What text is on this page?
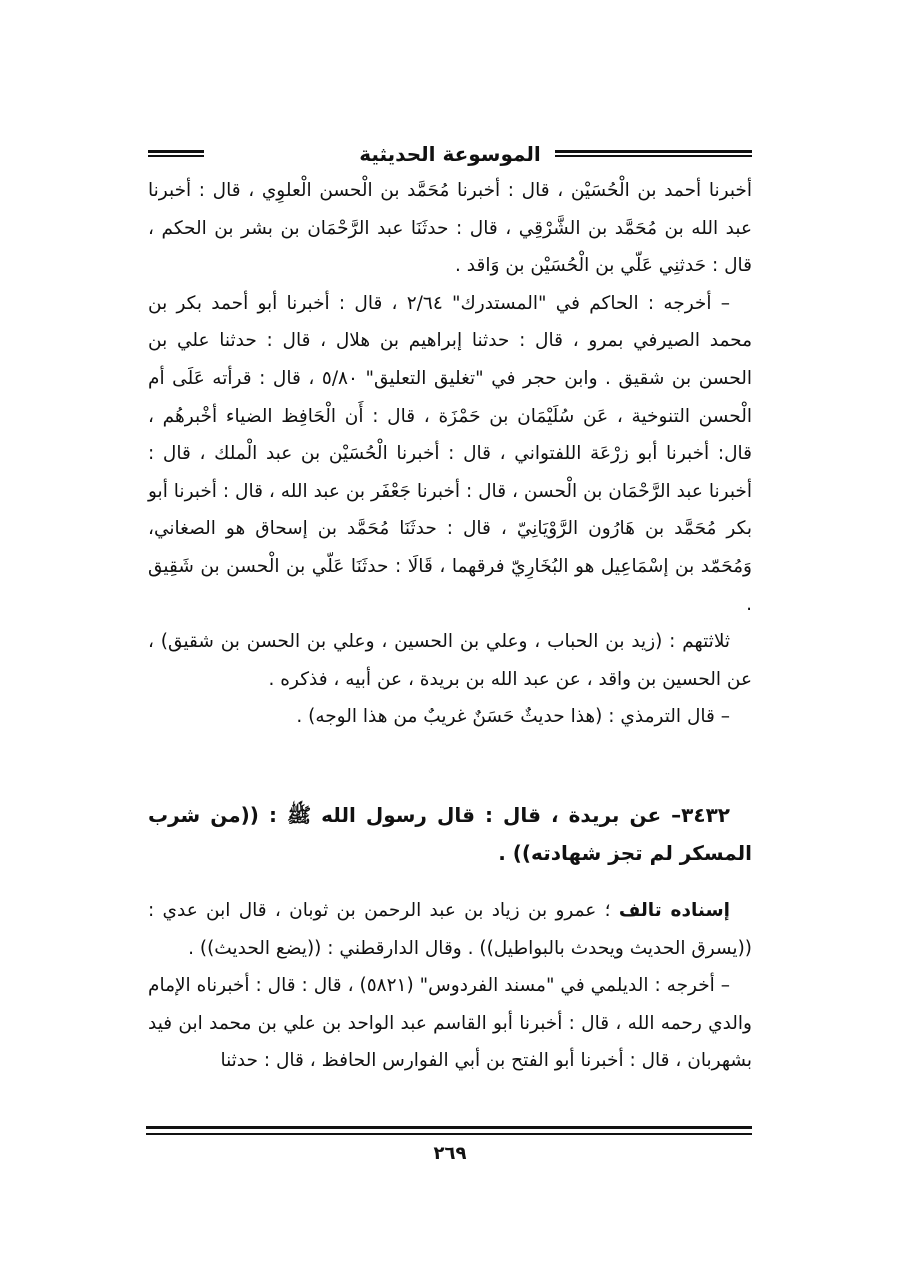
الموسوعة الحديثية

أخبرنا أحمد بن الْحُسَيْن ، قال : أخبرنا مُحَمَّد بن الْحسن الْعلوِي ، قال : أخبرنا عبد الله بن مُحَمَّد بن الشَّرْقِي ، قال : حدثَنَا عبد الرَّحْمَان بن بشر بن الحكم ، قال : حَدثنِي عَلّي بن الْحُسَيْن بن وَاقد .

– أخرجه : الحاكم في "المستدرك" ٢/٦٤ ، قال : أخبرنا أبو أحمد بكر بن محمد الصيرفي بمرو ، قال : حدثنا إبراهيم بن هلال ، قال : حدثنا علي بن الحسن بن شقيق . وابن حجر في "تغليق التعليق" ٥/٨٠ ، قال : قرأته عَلَى أم الْحسن التنوخية ، عَن سُلَيْمَان بن حَمْزَة ، قال : أَن الْحَافِظ الضياء أخْبرهُم ، قال: أخبرنا أبو زرْعَة اللفتواني ، قال : أخبرنا الْحُسَيْن بن عبد الْملك ، قال : أخبرنا عبد الرَّحْمَان بن الْحسن ، قال : أخبرنا جَعْفَر بن عبد الله ، قال : أخبرنا أبو بكر مُحَمَّد بن هَارُون الرَّوْيَانِيّ ، قال : حدثَنَا مُحَمَّد بن إسحاق هو الصغاني، وَمُحَمّد بن إسْمَاعِيل هو البُخَارِيّ فرقهما ، قَالَا : حدثَنَا عَلّي بن الْحسن بن شَقِيق .

ثلاثتهم : (زيد بن الحباب ، وعلي بن الحسين ، وعلي بن الحسن بن شقيق) ، عن الحسين بن واقد ، عن عبد الله بن بريدة ، عن أبيه ، فذكره .

– قال الترمذي : (هذا حديثٌ حَسَنٌ غريبٌ من هذا الوجه) .

٣٤٣٢– عن بريدة ، قال : قال رسول الله ﷺ : ((من شرب المسكر لم تجز شهادته)) .

إسناده تالف ؛ عمرو بن زياد بن عبد الرحمن بن ثوبان ، قال ابن عدي : ((يسرق الحديث ويحدث بالبواطيل)) . وقال الدارقطني : ((يضع الحديث)) .

– أخرجه : الديلمي في "مسند الفردوس" (٥٨٢١) ، قال : قال : أخبرناه الإمام والدي رحمه الله ، قال : أخبرنا أبو القاسم عبد الواحد بن علي بن محمد ابن فيد بشهربان ، قال : أخبرنا أبو الفتح بن أبي الفوارس الحافظ ، قال : حدثنا

٢٦٩
